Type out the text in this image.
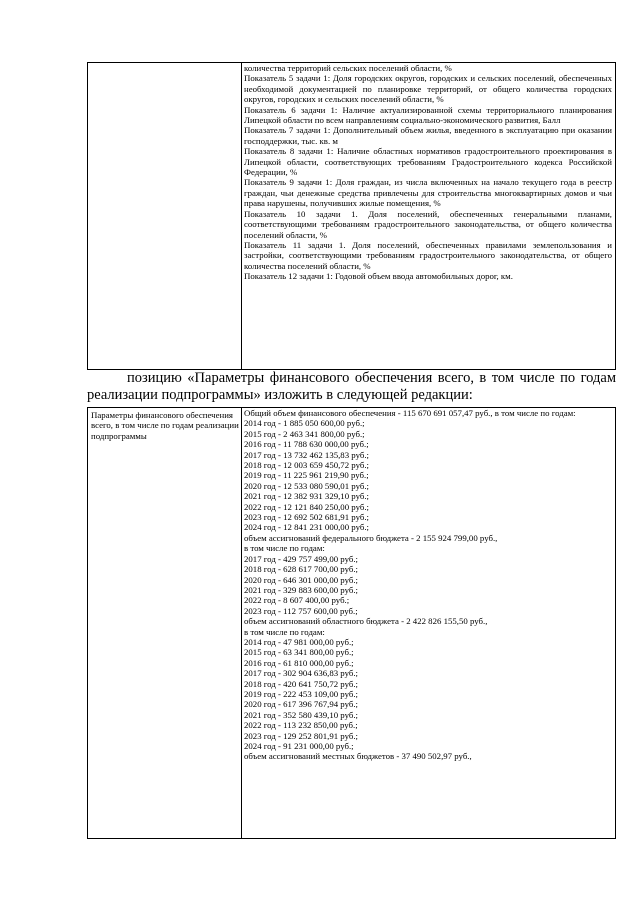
количества территорий сельских поселений области, %
Показатель 5 задачи 1: Доля городских округов, городских и сельских поселений, обеспеченных необходимой документацией по планировке территорий, от общего количества городских округов, городских и сельских поселений области, %
Показатель 6 задачи 1: Наличие актуализированной схемы территориального планирования Липецкой области по всем направлениям социально-экономического развития, Балл
Показатель 7 задачи 1: Дополнительный объем жилья, введенного в эксплуатацию при оказании господдержки, тыс. кв. м
Показатель 8 задачи 1: Наличие областных нормативов градостроительного проектирования в Липецкой области, соответствующих требованиям Градостроительного кодекса Российской Федерации, %
Показатель 9 задачи 1: Доля граждан, из числа включенных на начало текущего года в реестр граждан, чьи денежные средства привлечены для строительства многоквартирных домов и чьи права нарушены, получивших жилые помещения, %
Показатель 10 задачи 1. Доля поселений, обеспеченных генеральными планами, соответствующими требованиям градостроительного законодательства, от общего количества поселений области, %
Показатель 11 задачи 1. Доля поселений, обеспеченных правилами землепользования и застройки, соответствующими требованиям градостроительного законодательства, от общего количества поселений области, %
Показатель 12 задачи 1: Годовой объем ввода автомобильных дорог, км.
позицию «Параметры финансового обеспечения всего, в том числе по годам реализации подпрограммы» изложить в следующей редакции:
Параметры финансового обеспечения всего, в том числе по годам реализации подпрограммы
Общий объем финансового обеспечения - 115 670 691 057,47 руб., в том числе по годам:
2014 год - 1 885 050 600,00 руб.;
2015 год - 2 463 341 800,00 руб.;
2016 год - 11 788 630 000,00 руб.;
2017 год - 13 732 462 135,83 руб.;
2018 год - 12 003 659 450,72 руб.;
2019 год - 11 225 961 219,90 руб.;
2020 год - 12 533 080 590,01 руб.;
2021 год - 12 382 931 329,10 руб.;
2022 год - 12 121 840 250,00 руб.;
2023 год - 12 692 502 681,91 руб.;
2024 год - 12 841 231 000,00 руб.;
объем ассигнований федерального бюджета - 2 155 924 799,00 руб.,
в том числе по годам:
2017 год - 429 757 499,00 руб.;
2018 год - 628 617 700,00 руб.;
2020 год - 646 301 000,00 руб.;
2021 год - 329 883 600,00 руб.;
2022 год - 8 607 400,00 руб.;
2023 год - 112 757 600,00 руб.;
объем ассигнований областного бюджета - 2 422 826 155,50 руб.,
в том числе по годам:
2014 год - 47 981 000,00 руб.;
2015 год - 63 341 800,00 руб.;
2016 год - 61 810 000,00 руб.;
2017 год - 302 904 636,83 руб.;
2018 год - 420 641 750,72 руб.;
2019 год - 222 453 109,00 руб.;
2020 год - 617 396 767,94 руб.;
2021 год - 352 580 439,10 руб.;
2022 год - 113 232 850,00 руб.;
2023 год - 129 252 801,91 руб.;
2024 год - 91 231 000,00 руб.;
объем ассигнований местных бюджетов - 37 490 502,97 руб.,
